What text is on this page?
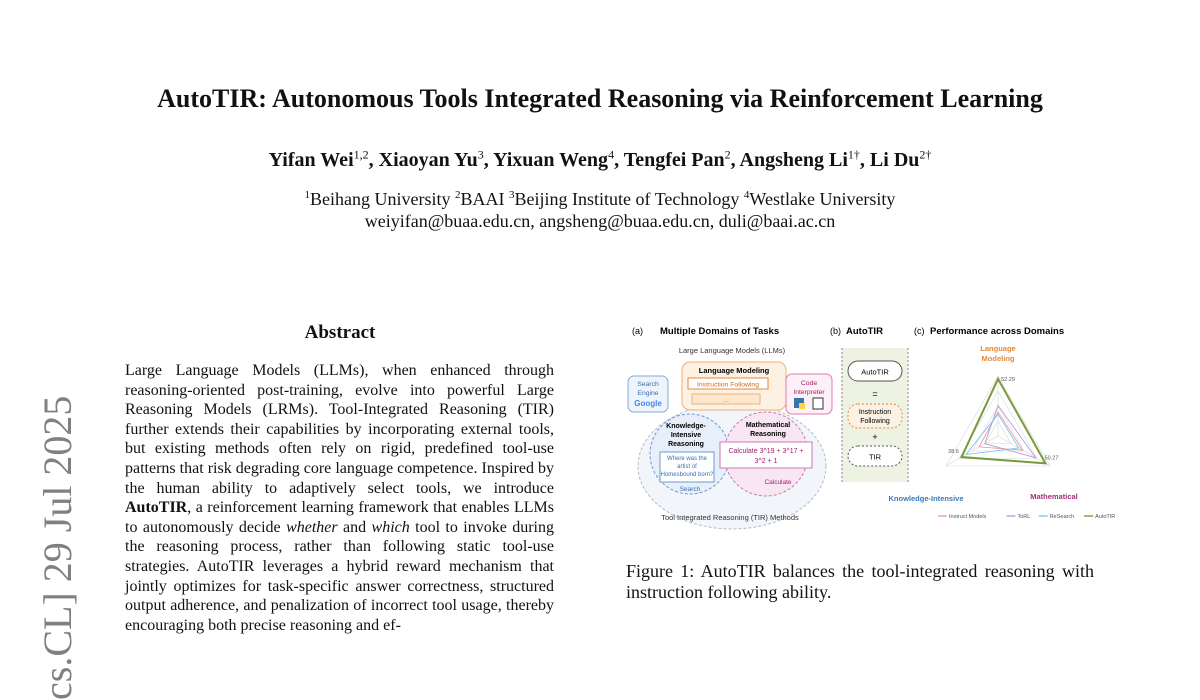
AutoTIR: Autonomous Tools Integrated Reasoning via Reinforcement Learning
Yifan Wei$^{1,2}$, Xiaoyan Yu$^3$, Yixuan Weng$^4$, Tengfei Pan$^2$, Angsheng $Li^{1\dagger}$, Li $Du^{2\dagger}$
$^1$Beihang University $^2$BAAI $^3$Beijing Institute of Technology $^4$Westlake University
weiyifan@buaa.edu.cn, angsheng@buaa.edu.cn, duli@baai.ac.cn
cs.CL] 29 Jul 2025
Abstract
Large Language Models (LLMs), when enhanced through reasoning-oriented post-training, evolve into powerful Large Reasoning Models (LRMs). Tool-Integrated Reasoning (TIR) further extends their capabilities by incorporating external tools, but existing methods often rely on rigid, predefined tool-use patterns that risk degrading core language competence. Inspired by the human ability to adaptively select tools, we introduce AutoTIR, a reinforcement learning framework that enables LLMs to autonomously decide whether and which tool to invoke during the reasoning process, rather than following static tool-use strategies. AutoTIR leverages a hybrid reward mechanism that jointly optimizes for task-specific answer correctness, structured output adherence, and penalization of incorrect tool usage, thereby encouraging both precise reasoning and ef-
(a) Multiple Domains of Tasks
Large Language Models (LLMs)
Language Modeling
Instruction Following
...
Search
Engine
Google
Code
Interpreter
Knowledge-
Intensive
Reasoning
Where was the
artist of
Homesbound born?
Search
Mathematical
Reasoning
Calculate 3^19 + 3^17 +
3^2 + 1
Calculate
Tool Integrated Reasoning (TIR) Methods
(b) AutoTIR
AutoTIR
=
Instruction
Following
+
TIR
(c) Performance across Domains
Language
Modeling
Knowledge-Intensive	Mathematical
52.29
38.6
50.27
Instruct Models	ToRL	ReSearch	AutoTIR
Figure 1: AutoTIR balances the tool-integrated reasoning with instruction following ability.
